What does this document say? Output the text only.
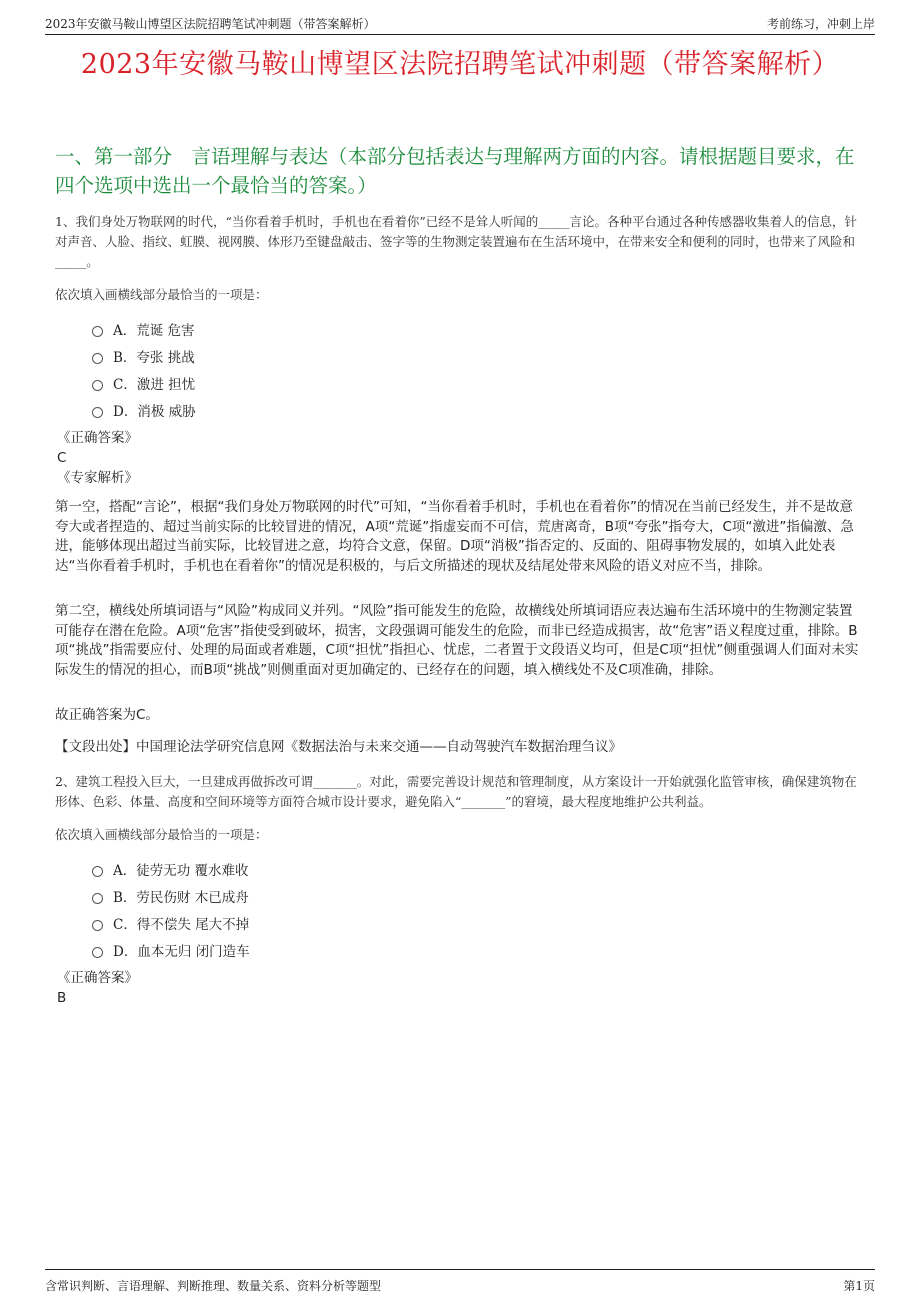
2023年安徽马鞍山博望区法院招聘笔试冲刺题（带答案解析）	考前练习，冲刺上岸
2023年安徽马鞍山博望区法院招聘笔试冲刺题（带答案解析）
一、第一部分　言语理解与表达（本部分包括表达与理解两方面的内容。请根据题目要求，在四个选项中选出一个最恰当的答案。）
1、我们身处万物联网的时代，“当你看着手机时，手机也在看着你”已经不是耸人听闻的_____言论。各种平台通过各种传感器收集着人的信息，针对声音、人脸、指纹、虹膜、视网膜、体形乃至键盘敲击、签字等的生物测定装置遍布在生活环境中，在带来安全和便利的同时，也带来了风险和_____。
依次填入画横线部分最恰当的一项是：
A．荒诞 危害
B．夸张 挑战
C．激进 担忧
D．消极 威胁
《正确答案》
C
《专家解析》
第一空，搭配“言论”，根据“我们身处万物联网的时代”可知，“当你看着手机时，手机也在看着你”的情况在当前已经发生，并不是故意夸大或者捏造的、超过当前实际的比较冒进的情况，A项“荒诞”指虚妄而不可信，荒唐离奇，B项“夸张”指夸大，C项“激进”指偏激、急进，能够体现出超过当前实际，比较冒进之意，均符合文意，保留。D项“消极”指否定的、反面的、阻碍事物发展的，如填入此处表达“当你看着手机时，手机也在看着你”的情况是积极的，与后文所描述的现状及结尾处带来风险的语义对应不当，排除。
第二空，横线处所填词语与“风险”构成同义并列。“风险”指可能发生的危险，故横线处所填词语应表达遍布生活环境中的生物测定装置可能存在潜在危险。A项“危害”指使受到破坏，损害，文段强调可能发生的危险，而非已经造成损害，故“危害”语义程度过重，排除。B项“挑战”指需要应付、处理的局面或者难题，C项“担忧”指担心、忧虑，二者置于文段语义均可，但是C项“担忧”侧重强调人们面对未实际发生的情况的担心，而B项“挑战”则侧重面对更加确定的、已经存在的问题，填入横线处不及C项准确，排除。
故正确答案为C。
【文段出处】中国理论法学研究信息网《数据法治与未来交通——自动驾驶汽车数据治理刍议》
2、建筑工程投入巨大，一旦建成再做拆改可谓_______。对此，需要完善设计规范和管理制度，从方案设计一开始就强化监管审核，确保建筑物在形体、色彩、体量、高度和空间环境等方面符合城市设计要求，避免陷入“_______”的窘境，最大程度地维护公共利益。
依次填入画横线部分最恰当的一项是：
A．徒劳无功 覆水难收
B．劳民伤财 木已成舟
C．得不偿失 尾大不掉
D．血本无归 闭门造车
《正确答案》
B
含常识判断、言语理解、判断推理、数量关系、资料分析等题型	第1页
